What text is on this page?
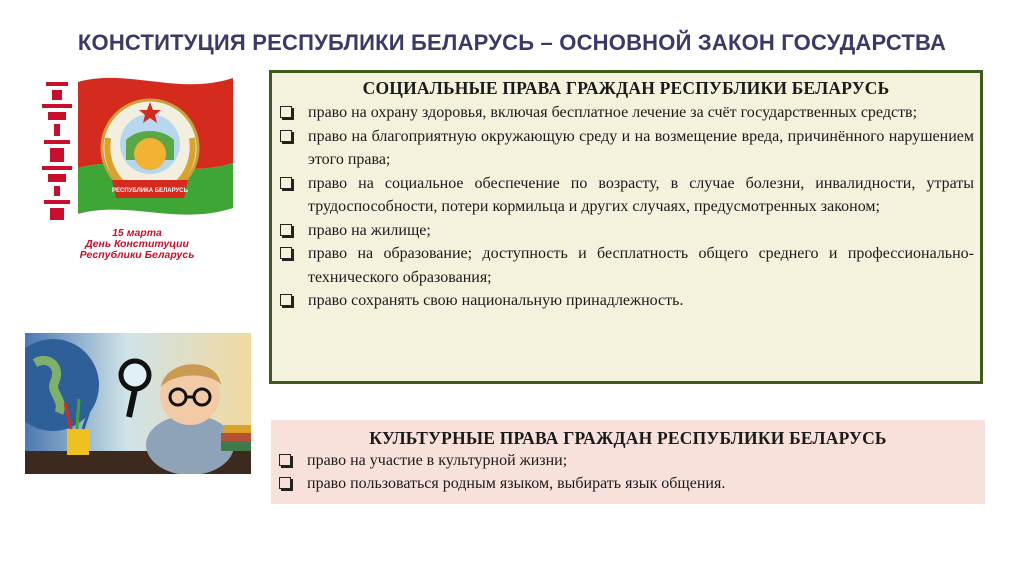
КОНСТИТУЦИЯ РЕСПУБЛИКИ БЕЛАРУСЬ – ОСНОВНОЙ ЗАКОН ГОСУДАРСТВА
РЕСПУБЛИКА БЕЛАРУСЬ
15 марта
День Конституции
Республики Беларусь
СОЦИАЛЬНЫЕ ПРАВА ГРАЖДАН РЕСПУБЛИКИ БЕЛАРУСЬ
право на охрану здоровья, включая бесплатное лечение за счёт государственных средств;
право на благоприятную окружающую среду и на возмещение вреда, причинённого нарушением этого права;
право на социальное обеспечение по возрасту, в случае болезни, инвалидности, утраты трудоспособности, потери кормильца и других случаях, предусмотренных законом;
право на жилище;
право на образование; доступность и бесплатность общего среднего и профессионально-технического образования;
право сохранять свою национальную принадлежность.
КУЛЬТУРНЫЕ ПРАВА ГРАЖДАН РЕСПУБЛИКИ БЕЛАРУСЬ
право на участие в культурной жизни;
право пользоваться родным языком, выбирать язык общения.
